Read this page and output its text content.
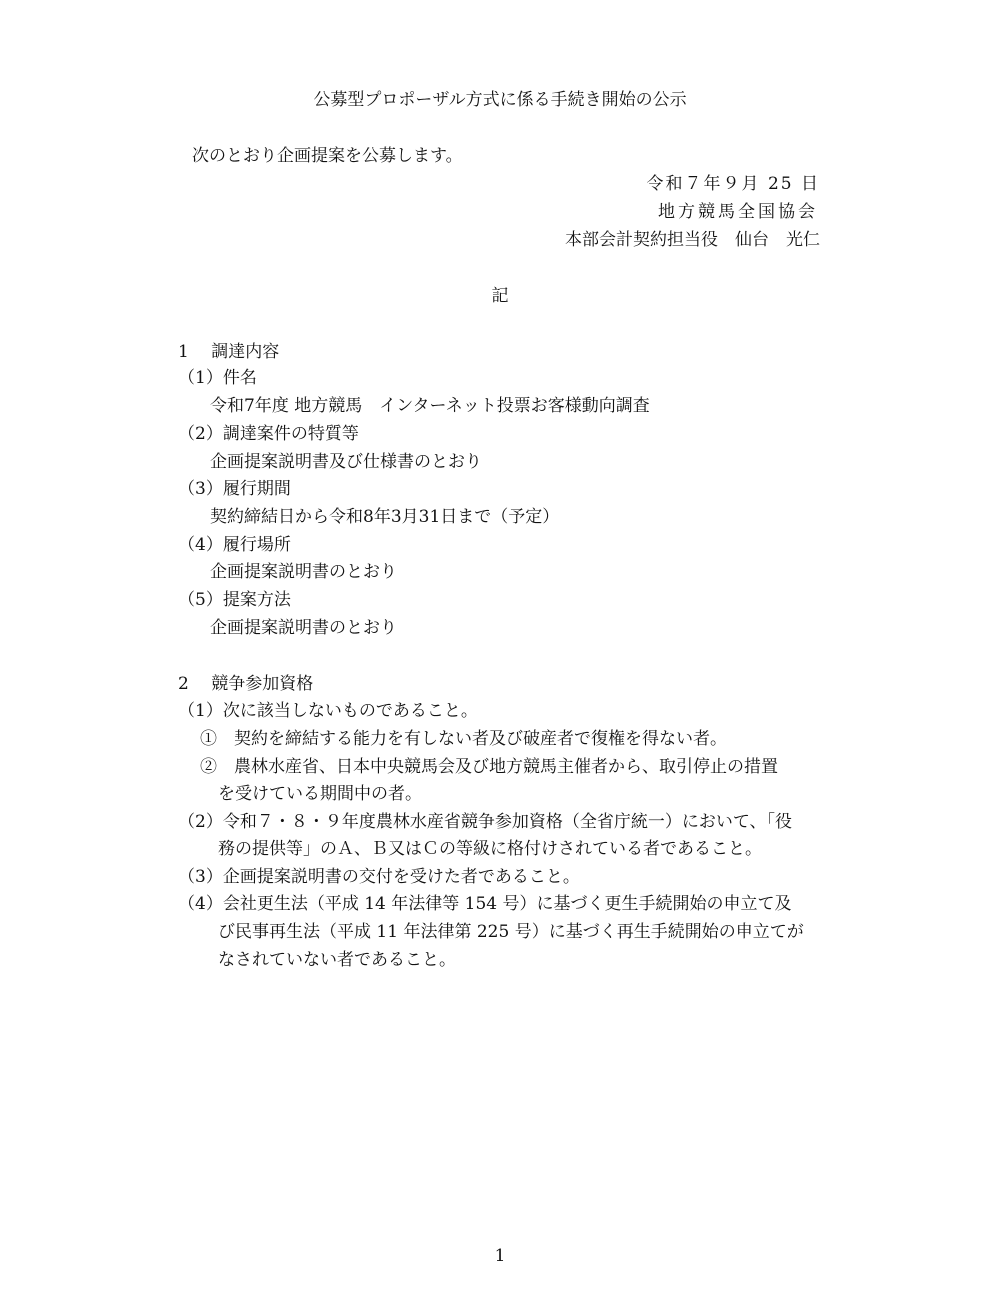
公募型プロポーザル方式に係る手続き開始の公示
次のとおり企画提案を公募します。
令和７年９月 25 日
地方競馬全国協会
本部会計契約担当役　仙台　光仁
記
1　 調達内容
（1）件名
令和7年度 地方競馬　インターネット投票お客様動向調査
（2）調達案件の特質等
企画提案説明書及び仕様書のとおり
（3）履行期間
契約締結日から令和8年3月31日まで（予定）
（4）履行場所
企画提案説明書のとおり
（5）提案方法
企画提案説明書のとおり
2　 競争参加資格
（1）次に該当しないものであること。
①　契約を締結する能力を有しない者及び破産者で復権を得ない者。
②　農林水産省、日本中央競馬会及び地方競馬主催者から、取引停止の措置
を受けている期間中の者。
（2）令和７・８・９年度農林水産省競争参加資格（全省庁統一）において、「役
務の提供等」のＡ、Ｂ又はＣの等級に格付けされている者であること。
（3）企画提案説明書の交付を受けた者であること。
（4）会社更生法（平成 14 年法律等 154 号）に基づく更生手続開始の申立て及
び民事再生法（平成 11 年法律第 225 号）に基づく再生手続開始の申立てが
なされていない者であること。
1
